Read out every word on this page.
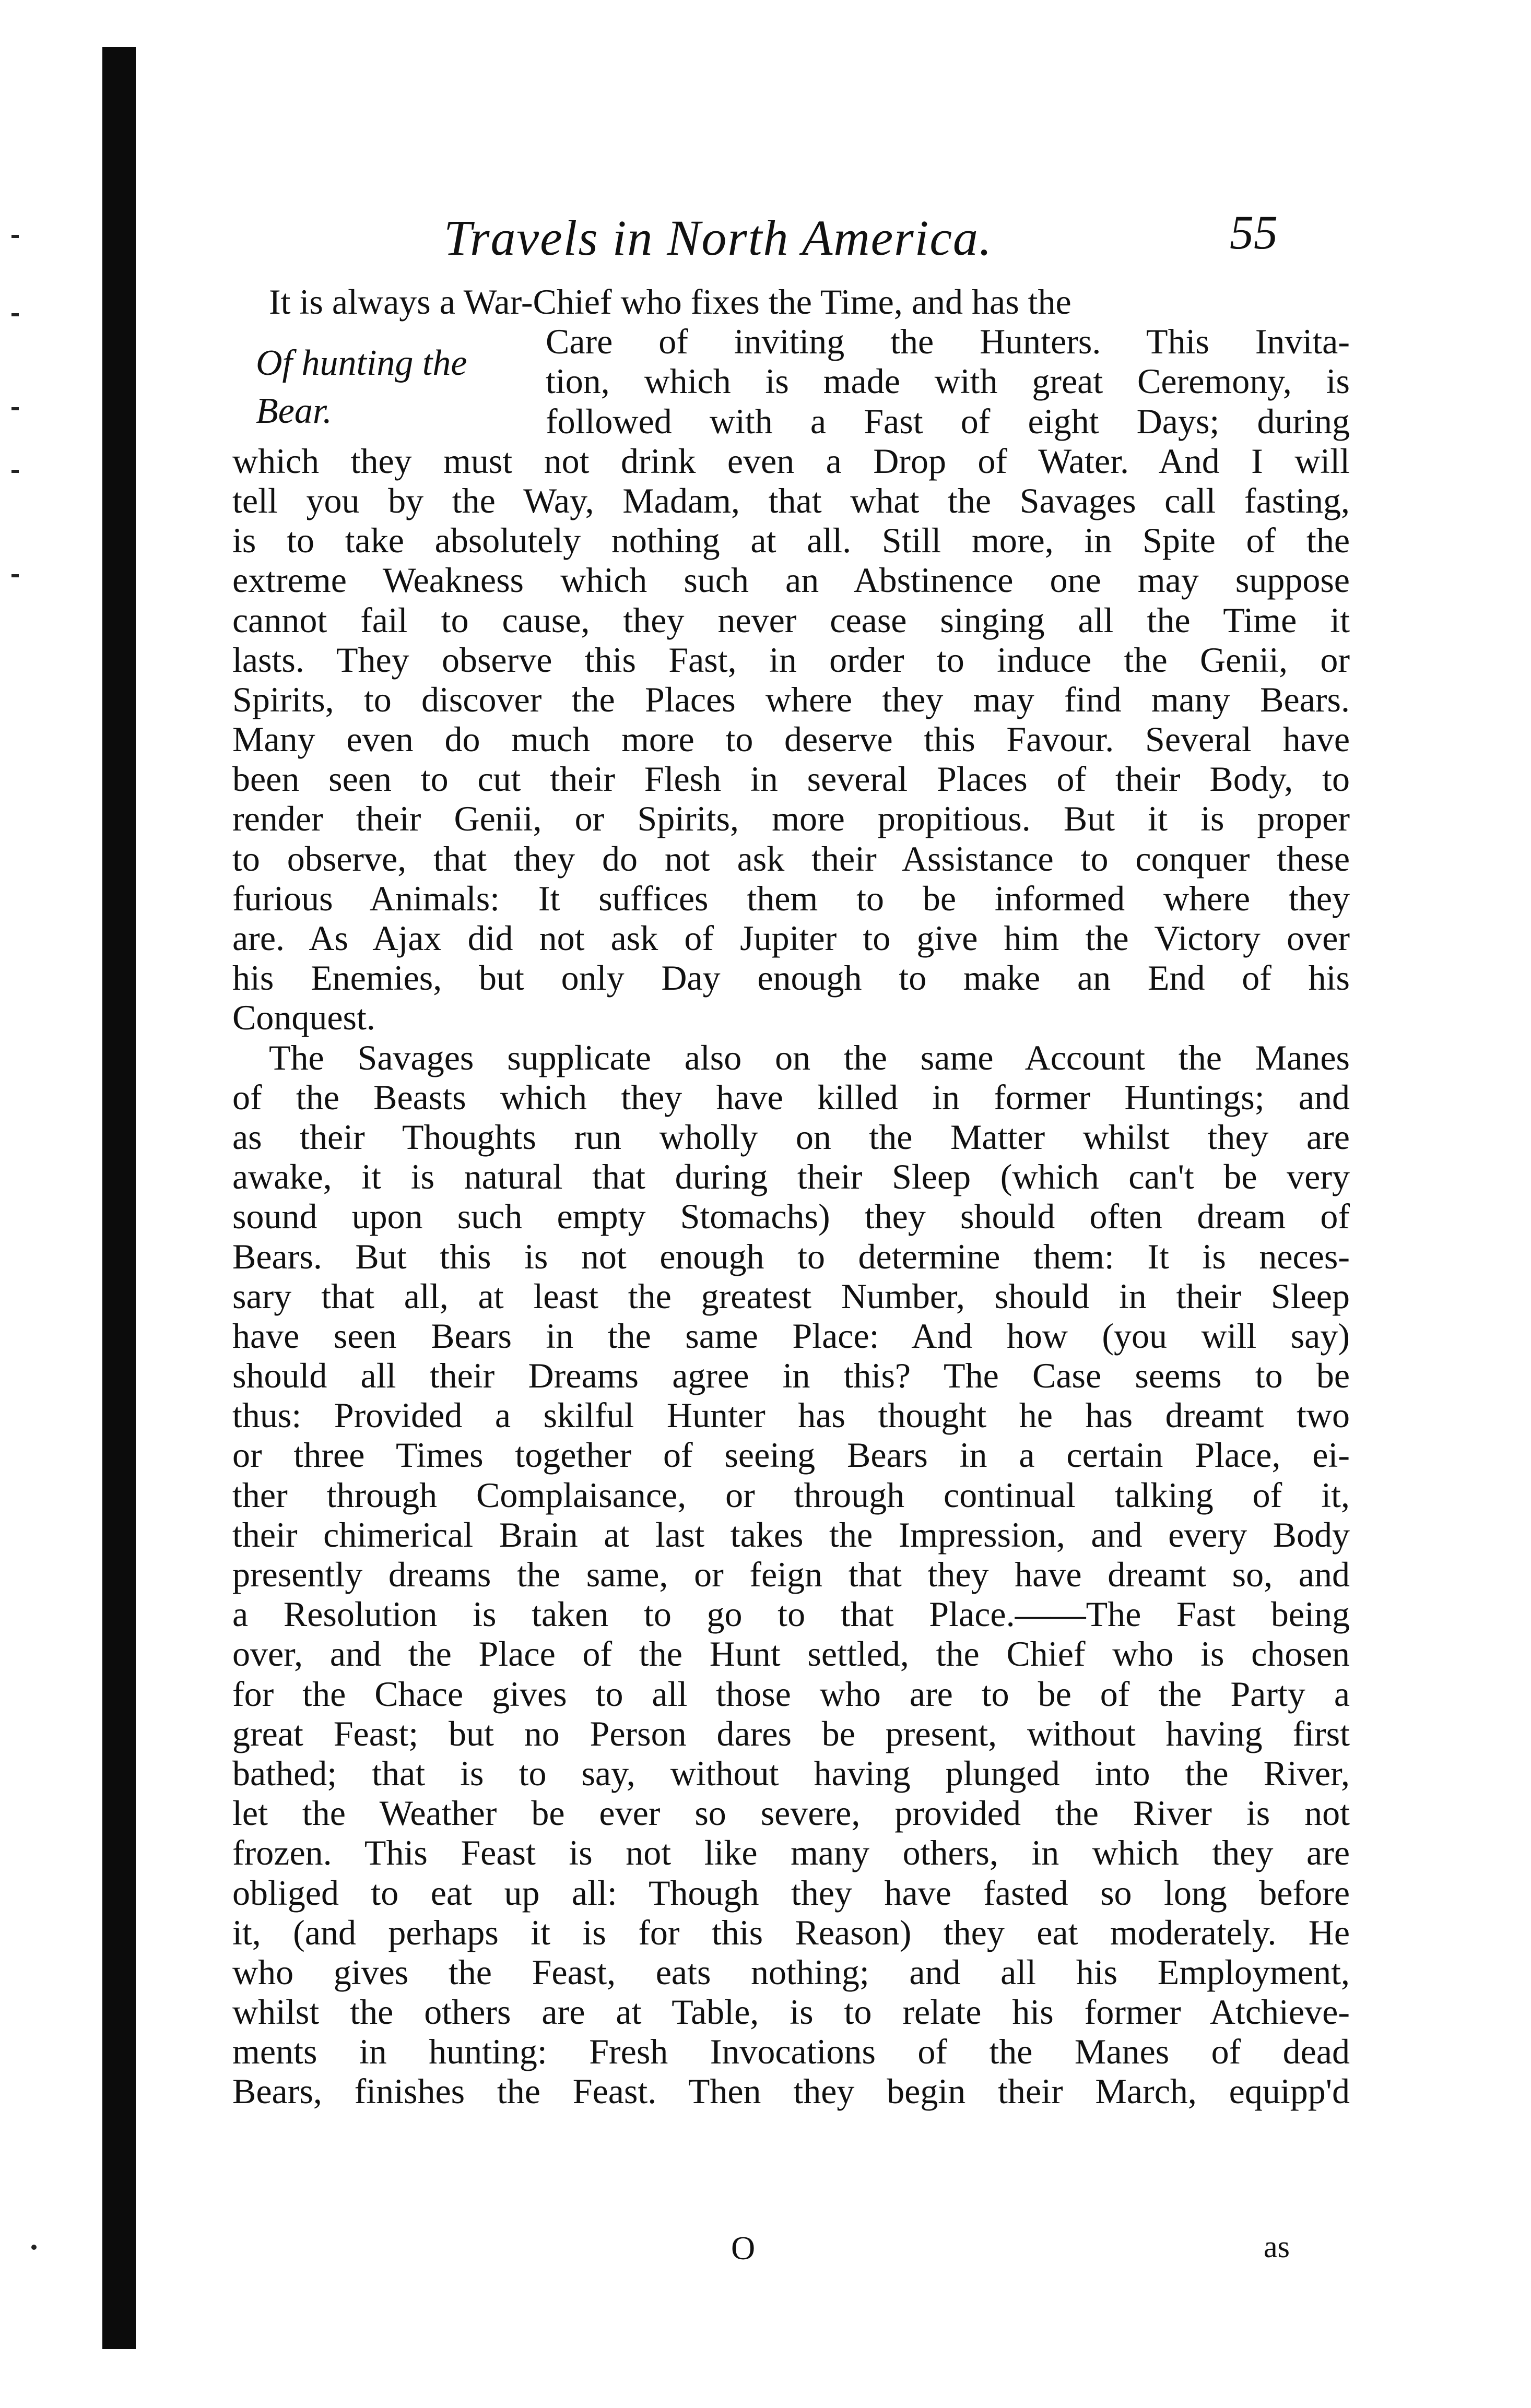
Travels in North America.	55
Of hunting the
Bear.
It is always a War-Chief who fixes the Time, and has the
Care of inviting the Hunters. This Invita-
tion, which is made with great Ceremony, is
followed with a Fast of eight Days; during
which they must not drink even a Drop of Water. And I will
tell you by the Way, Madam, that what the Savages call fasting,
is to take absolutely nothing at all. Still more, in Spite of the
extreme Weakness which such an Abstinence one may suppose
cannot fail to cause, they never cease singing all the Time it
lasts. They observe this Fast, in order to induce the Genii, or
Spirits, to discover the Places where they may find many Bears.
Many even do much more to deserve this Favour. Several have
been seen to cut their Flesh in several Places of their Body, to
render their Genii, or Spirits, more propitious. But it is proper
to observe, that they do not ask their Assistance to conquer these
furious Animals: It suffices them to be informed where they
are. As Ajax did not ask of Jupiter to give him the Victory over
his Enemies, but only Day enough to make an End of his
Conquest.
The Savages supplicate also on the same Account the Manes
of the Beasts which they have killed in former Huntings; and
as their Thoughts run wholly on the Matter whilst they are
awake, it is natural that during their Sleep (which can't be very
sound upon such empty Stomachs) they should often dream of
Bears. But this is not enough to determine them: It is neces-
sary that all, at least the greatest Number, should in their Sleep
have seen Bears in the same Place: And how (you will say)
should all their Dreams agree in this? The Case seems to be
thus: Provided a skilful Hunter has thought he has dreamt two
or three Times together of seeing Bears in a certain Place, ei-
ther through Complaisance, or through continual talking of it,
their chimerical Brain at last takes the Impression, and every Body
presently dreams the same, or feign that they have dreamt so, and
a Resolution is taken to go to that Place.——The Fast being
over, and the Place of the Hunt settled, the Chief who is chosen
for the Chace gives to all those who are to be of the Party a
great Feast; but no Person dares be present, without having first
bathed; that is to say, without having plunged into the River,
let the Weather be ever so severe, provided the River is not
frozen. This Feast is not like many others, in which they are
obliged to eat up all: Though they have fasted so long before
it, (and perhaps it is for this Reason) they eat moderately. He
who gives the Feast, eats nothing; and all his Employment,
whilst the others are at Table, is to relate his former Atchieve-
ments in hunting: Fresh Invocations of the Manes of dead
Bears, finishes the Feast. Then they begin their March, equipp'd
O	as
